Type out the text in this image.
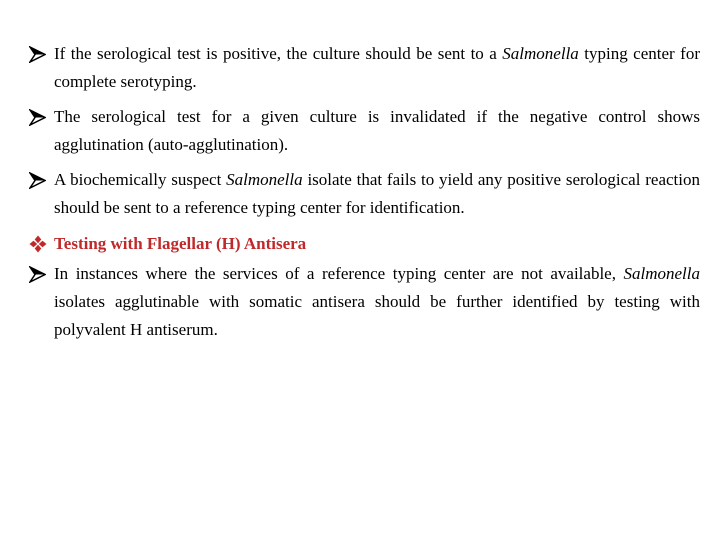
If the serological test is positive, the culture should be sent to a Salmonella typing center for complete serotyping.
The serological test for a given culture is invalidated if the negative control shows agglutination (auto-agglutination).
A biochemically suspect Salmonella isolate that fails to yield any positive serological reaction should be sent to a reference typing center for identification.
Testing with Flagellar (H) Antisera
In instances where the services of a reference typing center are not available, Salmonella isolates agglutinable with somatic antisera should be further identified by testing with polyvalent H antiserum.
